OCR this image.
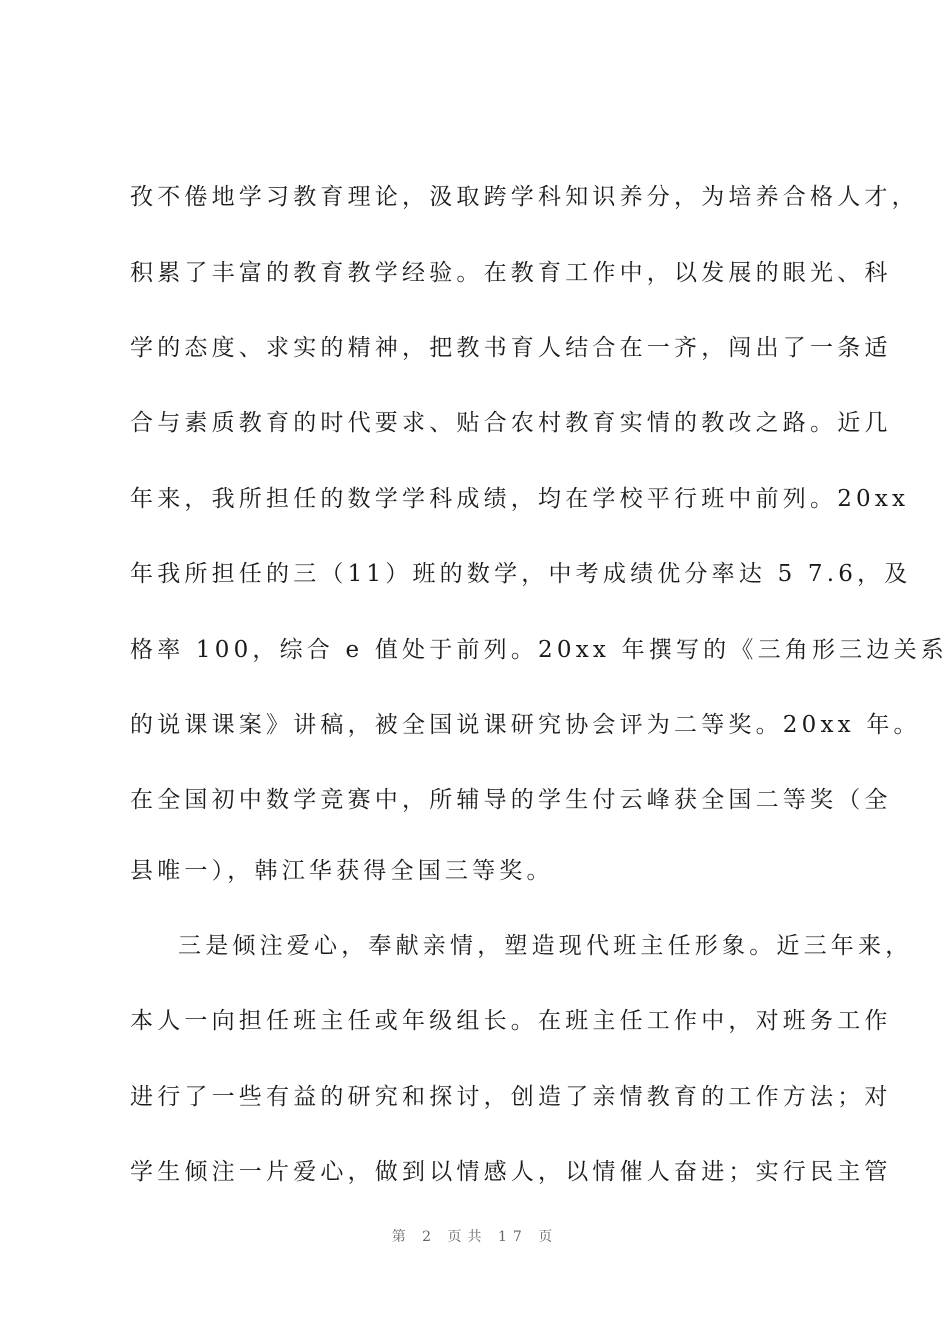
孜不倦地学习教育理论，汲取跨学科知识养分，为培养合格人才，
积累了丰富的教育教学经验。在教育工作中，以发展的眼光、科
学的态度、求实的精神，把教书育人结合在一齐，闯出了一条适
合与素质教育的时代要求、贴合农村教育实情的教改之路。近几
年来，我所担任的数学学科成绩，均在学校平行班中前列。20xx
年我所担任的三（11）班的数学，中考成绩优分率达 5 7.6，及
格率 100，综合 e 值处于前列。20xx 年撰写的《三角形三边关系
的说课课案》讲稿，被全国说课研究协会评为二等奖。20xx 年。
在全国初中数学竞赛中，所辅导的学生付云峰获全国二等奖（全
县唯一），韩江华获得全国三等奖。
三是倾注爱心，奉献亲情，塑造现代班主任形象。近三年来，
本人一向担任班主任或年级组长。在班主任工作中，对班务工作
进行了一些有益的研究和探讨，创造了亲情教育的工作方法；对
学生倾注一片爱心，做到以情感人，以情催人奋进；实行民主管
第 2 页共 17 页
